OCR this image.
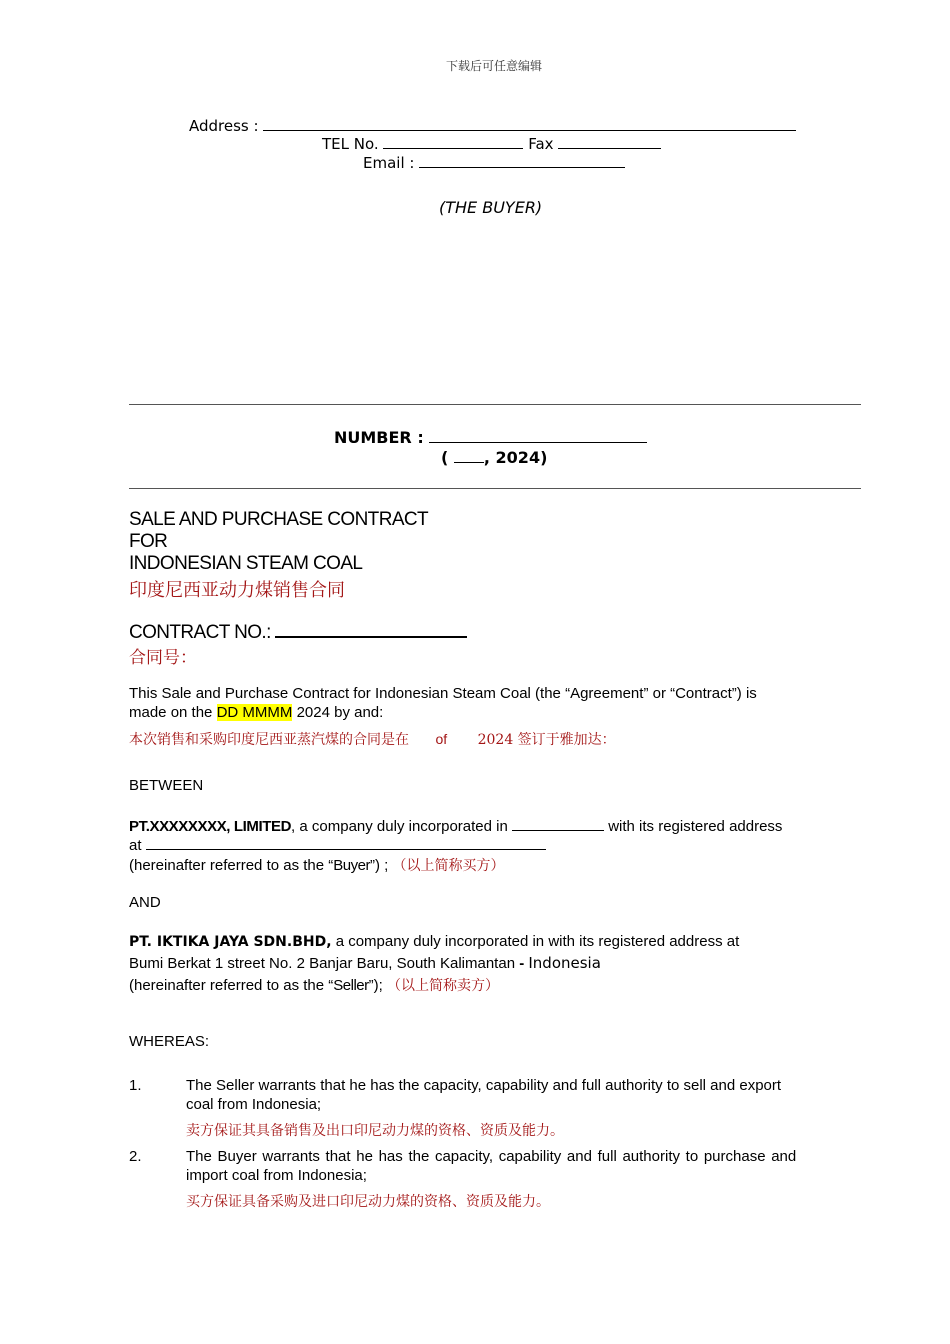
下载后可任意编辑
Address :
TEL No.	Fax
Email :
(THE BUYER)
NUMBER :
( , 2024)
SALE AND PURCHASE CONTRACT
FOR
INDONESIAN STEAM COAL
印度尼西亚动力煤销售合同
CONTRACT NO.:
合同号：
This Sale and Purchase Contract for Indonesian Steam Coal (the “Agreement” or “Contract”) is
made on the DD MMMM 2024 by and:
本次销售和采购印度尼西亚蒸汽煤的合同是在 of 2024 签订于雅加达：
BETWEEN
PT.XXXXXXXX, LIMITED, a company duly incorporated in	with its registered address
at
(hereinafter referred to as the “Buyer”) ; （以上简称买方）
AND
PT. IKTIKA JAYA SDN.BHD, a company duly incorporated in with its registered address at
Bumi Berkat 1 street No. 2 Banjar Baru, South Kalimantan - Indonesia
(hereinafter referred to as the “Seller”); （以上简称卖方）
WHEREAS:
1.	The Seller warrants that he has the capacity, capability and full authority to sell and export
coal from Indonesia;
卖方保证其具备销售及出口印尼动力煤的资格、资质及能力。
2.	The Buyer warrants that he has the capacity, capability and full authority to purchase and
import coal from Indonesia;
买方保证具备采购及进口印尼动力煤的资格、资质及能力。
